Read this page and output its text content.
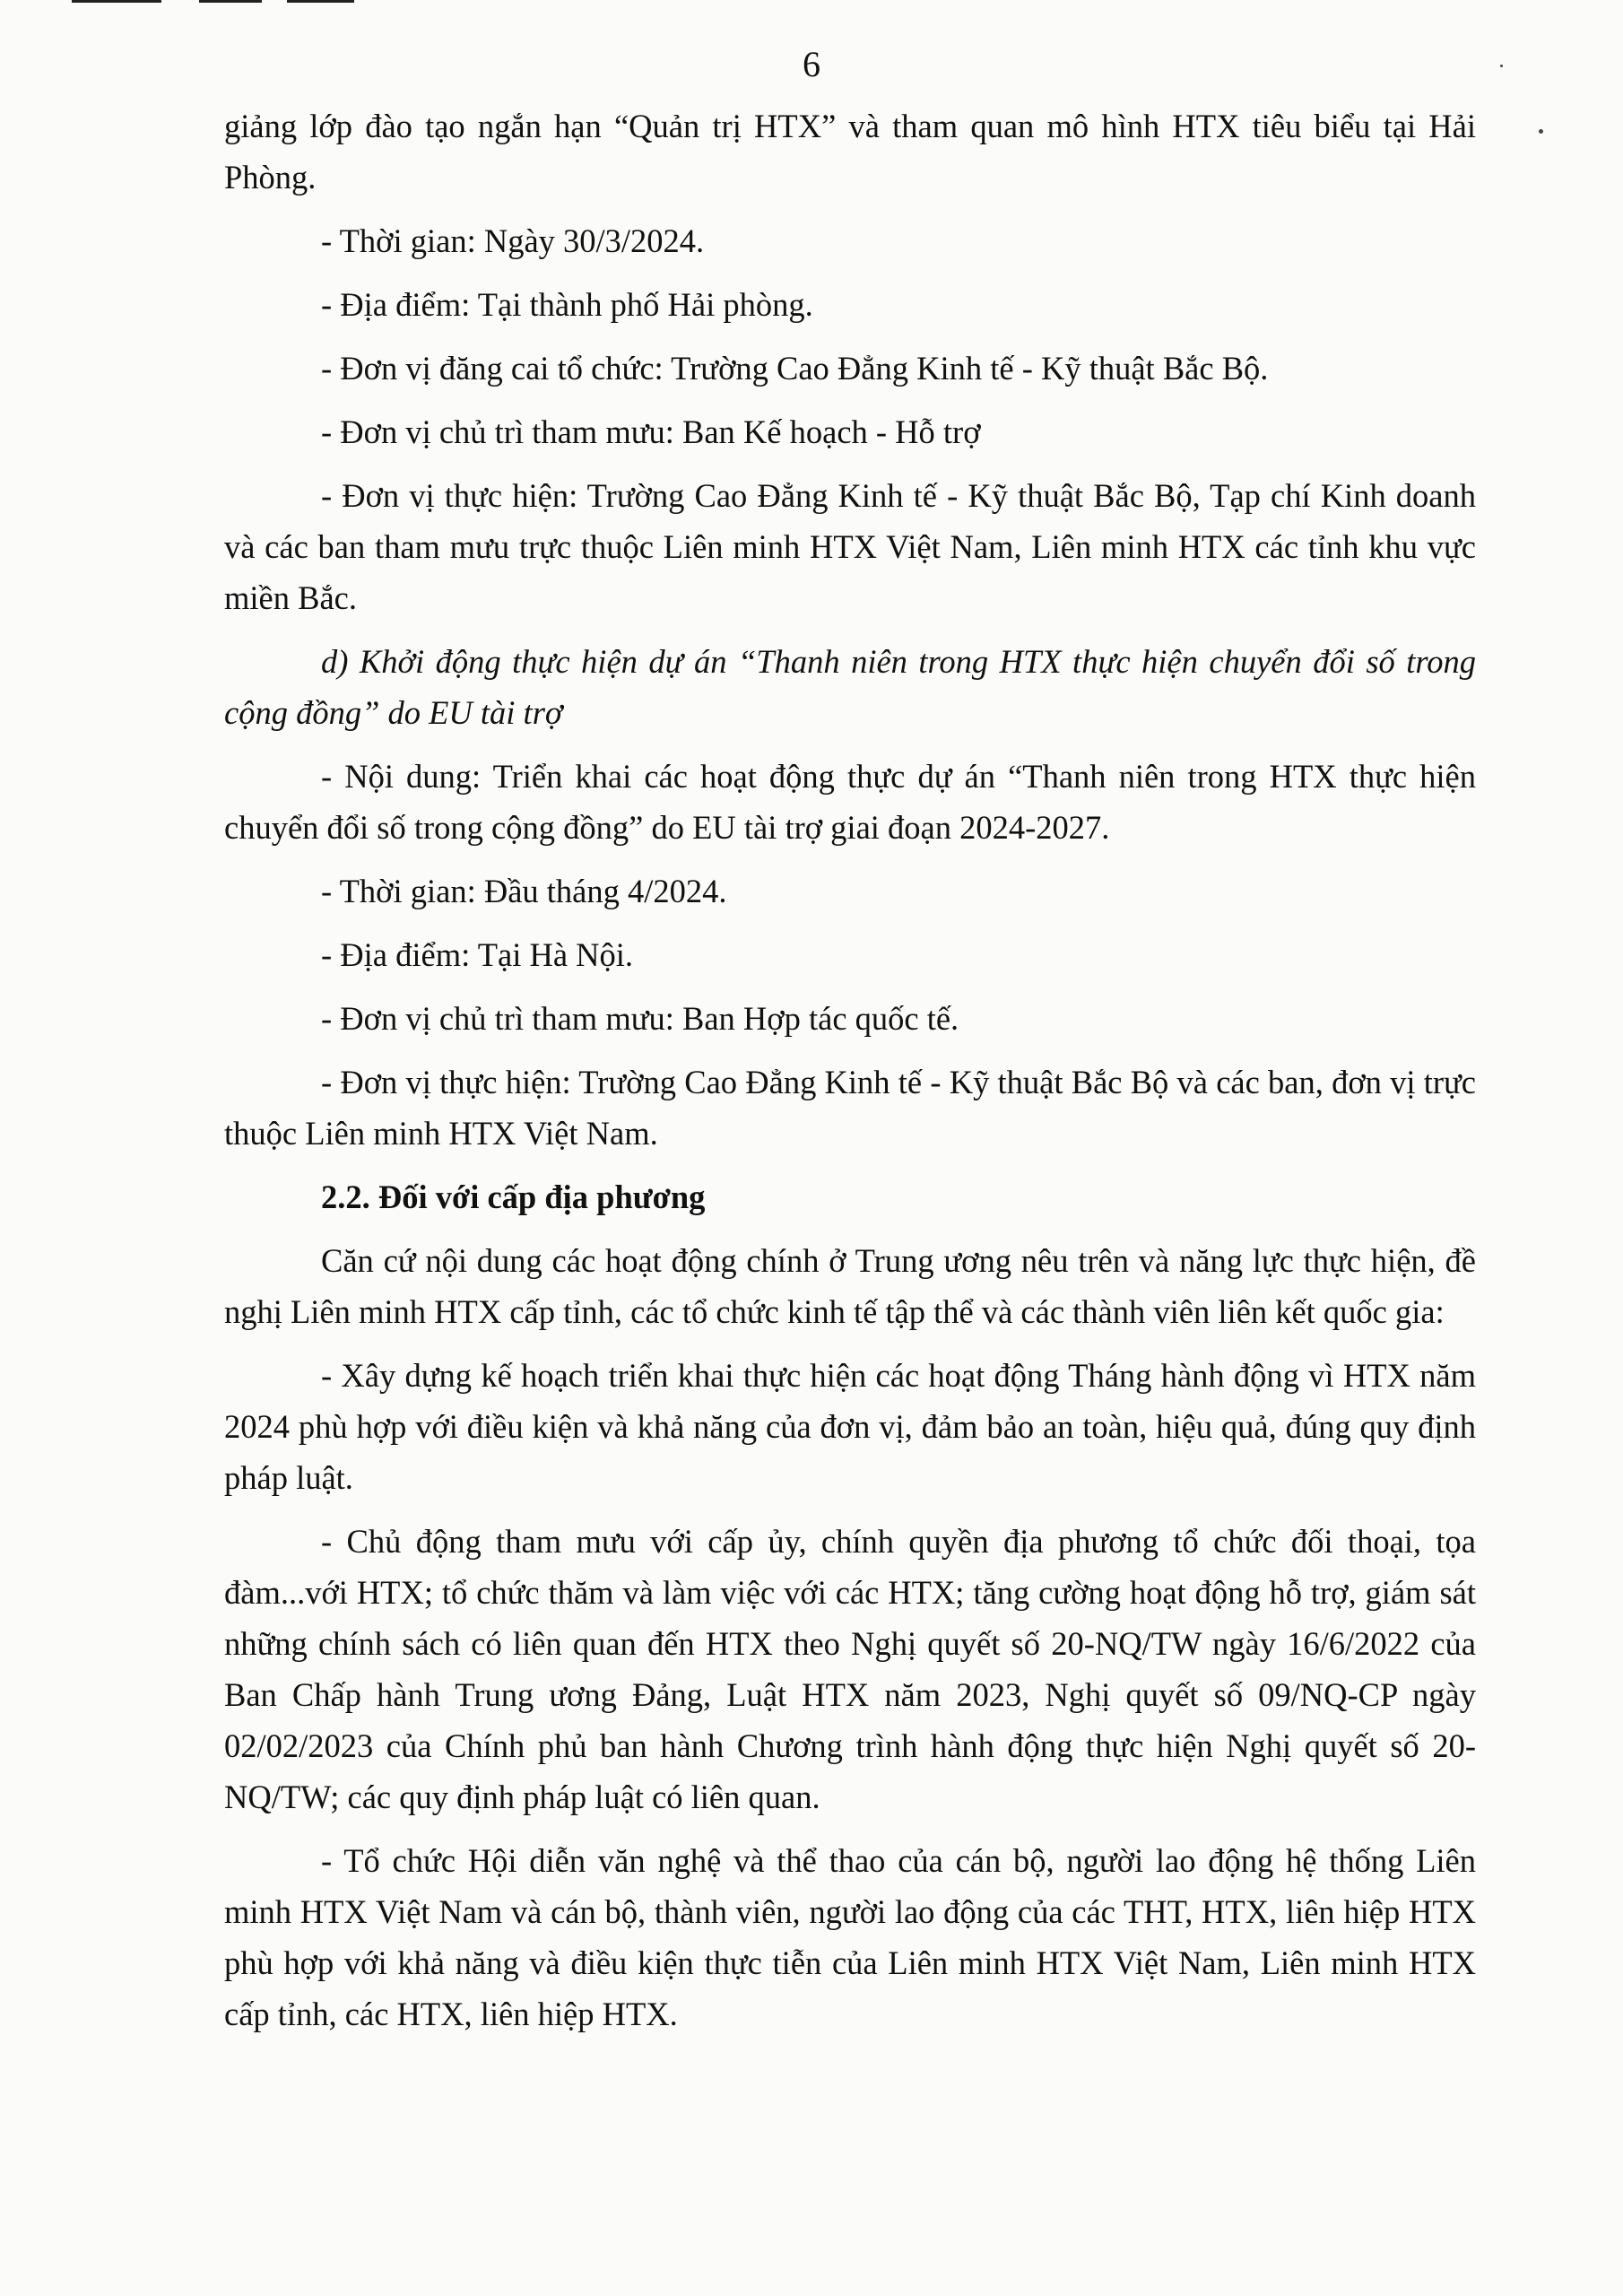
6

giảng lớp đào tạo ngắn hạn “Quản trị HTX” và tham quan mô hình HTX tiêu biểu tại Hải Phòng.

- Thời gian: Ngày 30/3/2024.

- Địa điểm: Tại thành phố Hải phòng.

- Đơn vị đăng cai tổ chức: Trường Cao Đẳng Kinh tế - Kỹ thuật Bắc Bộ.

- Đơn vị chủ trì tham mưu: Ban Kế hoạch - Hỗ trợ

- Đơn vị thực hiện: Trường Cao Đẳng Kinh tế - Kỹ thuật Bắc Bộ, Tạp chí Kinh doanh và các ban tham mưu trực thuộc Liên minh HTX Việt Nam, Liên minh HTX các tỉnh khu vực miền Bắc.

d) Khởi động thực hiện dự án “Thanh niên trong HTX thực hiện chuyển đổi số trong cộng đồng” do EU tài trợ

- Nội dung: Triển khai các hoạt động thực dự án “Thanh niên trong HTX thực hiện chuyển đổi số trong cộng đồng” do EU tài trợ giai đoạn 2024-2027.

- Thời gian: Đầu tháng 4/2024.

- Địa điểm: Tại Hà Nội.

- Đơn vị chủ trì tham mưu: Ban Hợp tác quốc tế.

- Đơn vị thực hiện: Trường Cao Đẳng Kinh tế - Kỹ thuật Bắc Bộ và các ban, đơn vị trực thuộc Liên minh HTX Việt Nam.

2.2. Đối với cấp địa phương

Căn cứ nội dung các hoạt động chính ở Trung ương nêu trên và năng lực thực hiện, đề nghị Liên minh HTX cấp tỉnh, các tổ chức kinh tế tập thể và các thành viên liên kết quốc gia:

- Xây dựng kế hoạch triển khai thực hiện các hoạt động Tháng hành động vì HTX năm 2024 phù hợp với điều kiện và khả năng của đơn vị, đảm bảo an toàn, hiệu quả, đúng quy định pháp luật.

- Chủ động tham mưu với cấp ủy, chính quyền địa phương tổ chức đối thoại, tọa đàm...với HTX; tổ chức thăm và làm việc với các HTX; tăng cường hoạt động hỗ trợ, giám sát những chính sách có liên quan đến HTX theo Nghị quyết số 20-NQ/TW ngày 16/6/2022 của Ban Chấp hành Trung ương Đảng, Luật HTX năm 2023, Nghị quyết số 09/NQ-CP ngày 02/02/2023 của Chính phủ ban hành Chương trình hành động thực hiện Nghị quyết số 20-NQ/TW; các quy định pháp luật có liên quan.

- Tổ chức Hội diễn văn nghệ và thể thao của cán bộ, người lao động hệ thống Liên minh HTX Việt Nam và cán bộ, thành viên, người lao động của các THT, HTX, liên hiệp HTX phù hợp với khả năng và điều kiện thực tiễn của Liên minh HTX Việt Nam, Liên minh HTX cấp tỉnh, các HTX, liên hiệp HTX.
